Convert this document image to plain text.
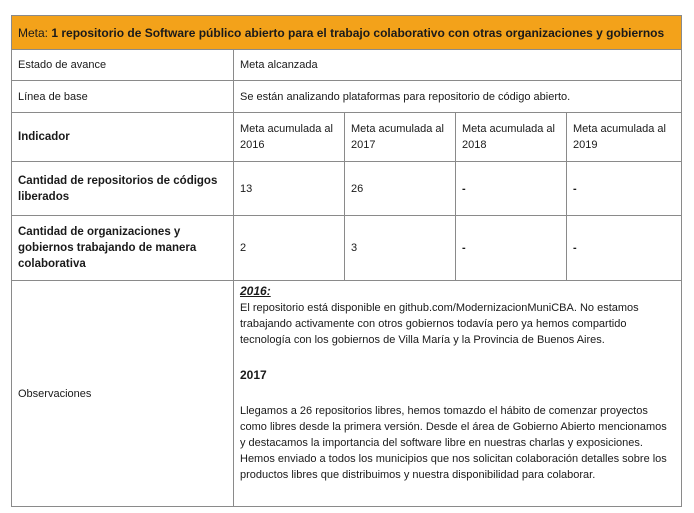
Meta: 1 repositorio de Software público abierto para el trabajo colaborativo con otras organizaciones y gobiernos				
Estado de avance	Meta alcanzada			
Línea de base	Se están analizando plataformas para repositorio de código abierto.			
Indicador	Meta acumulada al 2016	Meta acumulada al 2017	Meta acumulada al 2018	Meta acumulada al 2019
Cantidad de repositorios de códigos liberados	13	26	-	-
Cantidad de organizaciones y gobiernos trabajando de manera colaborativa	2	3	-	-
Observaciones	2016:
El repositorio está disponible en github.com/ModernizacionMuniCBA. No estamos trabajando activamente con otros gobiernos todavía pero ya hemos compartido tecnología con los gobiernos de Villa María y la Provincia de Buenos Aires.
2017
Llegamos a 26 repositorios libres, hemos tomazdo el hábito de comenzar proyectos como libres desde la primera versión. Desde el área de Gobierno Abierto mencionamos y destacamos la importancia del software libre en nuestras charlas y exposiciones. Hemos enviado a todos los municipios que nos solicitan colaboración detalles sobre los productos libres que distribuimos y nuestra disponibilidad para colaborar.			
